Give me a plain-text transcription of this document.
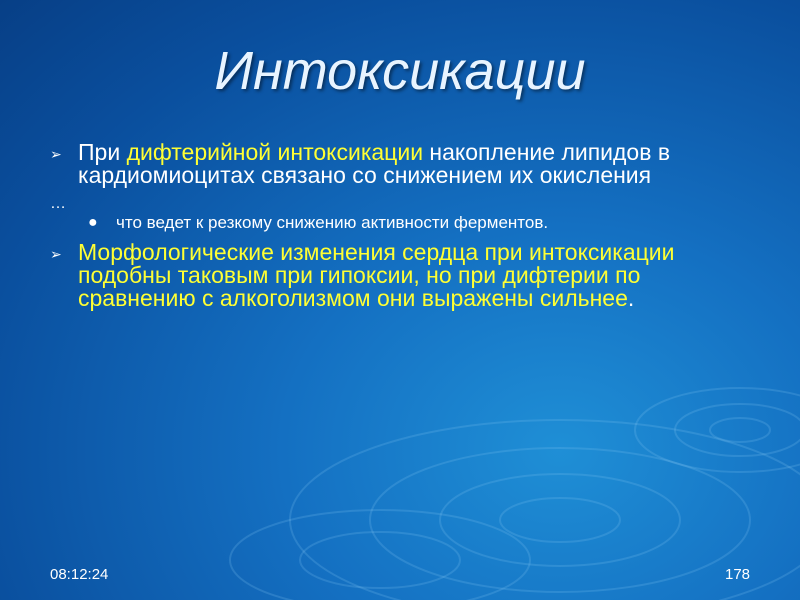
Интоксикации
➢ При дифтерийной интоксикации накопление липидов в кардиомиоцитах связано со снижением их окисления
…
● что ведет к резкому снижению активности ферментов.
➢ Морфологические изменения сердца при интоксикации подобны таковым при гипоксии, но при дифтерии по сравнению с алкоголизмом они выражены сильнее.
08:12:24	178
